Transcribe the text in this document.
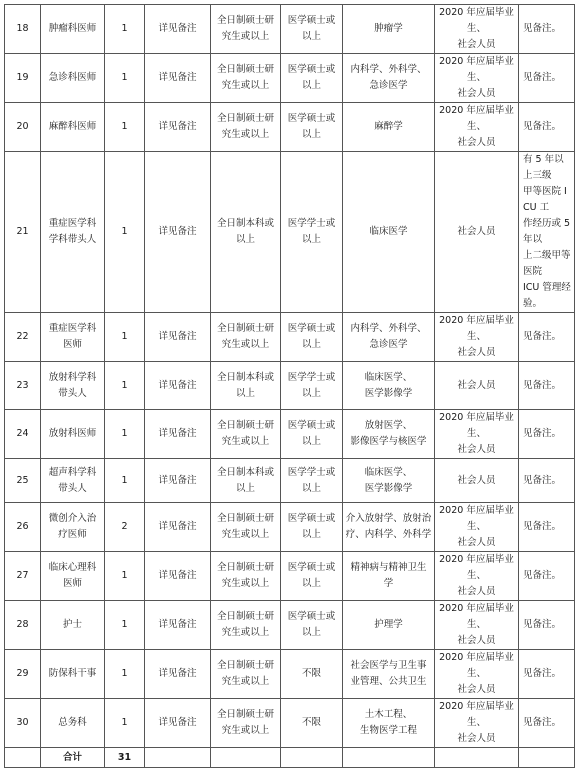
18	肿瘤科医师	1	详见备注	全日制硕士研
究生或以上	医学硕士或
以上	肿瘤学	2020 年应届毕业生、
社会人员	见备注。

19	急诊科医师	1	详见备注	全日制硕士研
究生或以上	医学硕士或
以上	内科学、外科学、
急诊医学	2020 年应届毕业生、
社会人员	见备注。

20	麻醉科医师	1	详见备注	全日制硕士研
究生或以上	医学硕士或
以上	麻醉学	2020 年应届毕业生、
社会人员	见备注。

21	重症医学科
学科带头人	1	详见备注	全日制本科或
以上	医学学士或
以上	临床医学	社会人员	有 5 年以上三级
甲等医院 ICU 工
作经历或 5 年以
上二级甲等医院
ICU 管理经验。

22	重症医学科
医师	1	详见备注	全日制硕士研
究生或以上	医学硕士或
以上	内科学、外科学、
急诊医学	2020 年应届毕业生、
社会人员	见备注。

23	放射科学科
带头人	1	详见备注	全日制本科或
以上	医学学士或
以上	临床医学、
医学影像学	社会人员	见备注。

24	放射科医师	1	详见备注	全日制硕士研
究生或以上	医学硕士或
以上	放射医学、
影像医学与核医学	2020 年应届毕业生、
社会人员	见备注。

25	超声科学科
带头人	1	详见备注	全日制本科或
以上	医学学士或
以上	临床医学、
医学影像学	社会人员	见备注。

26	微创介入治
疗医师	2	详见备注	全日制硕士研
究生或以上	医学硕士或
以上	介入放射学、放射治
疗、内科学、外科学	2020 年应届毕业生、
社会人员	见备注。

27	临床心理科
医师	1	详见备注	全日制硕士研
究生或以上	医学硕士或
以上	精神病与精神卫生
学	2020 年应届毕业生、
社会人员	见备注。

28	护士	1	详见备注	全日制硕士研
究生或以上	医学硕士或
以上	护理学	2020 年应届毕业生、
社会人员	见备注。

29	防保科干事	1	详见备注	全日制硕士研
究生或以上	不限	社会医学与卫生事
业管理、公共卫生	2020 年应届毕业生、
社会人员	见备注。

30	总务科	1	详见备注	全日制硕士研
究生或以上	不限	土木工程、
生物医学工程	2020 年应届毕业生、
社会人员	见备注。

	合计	31						
